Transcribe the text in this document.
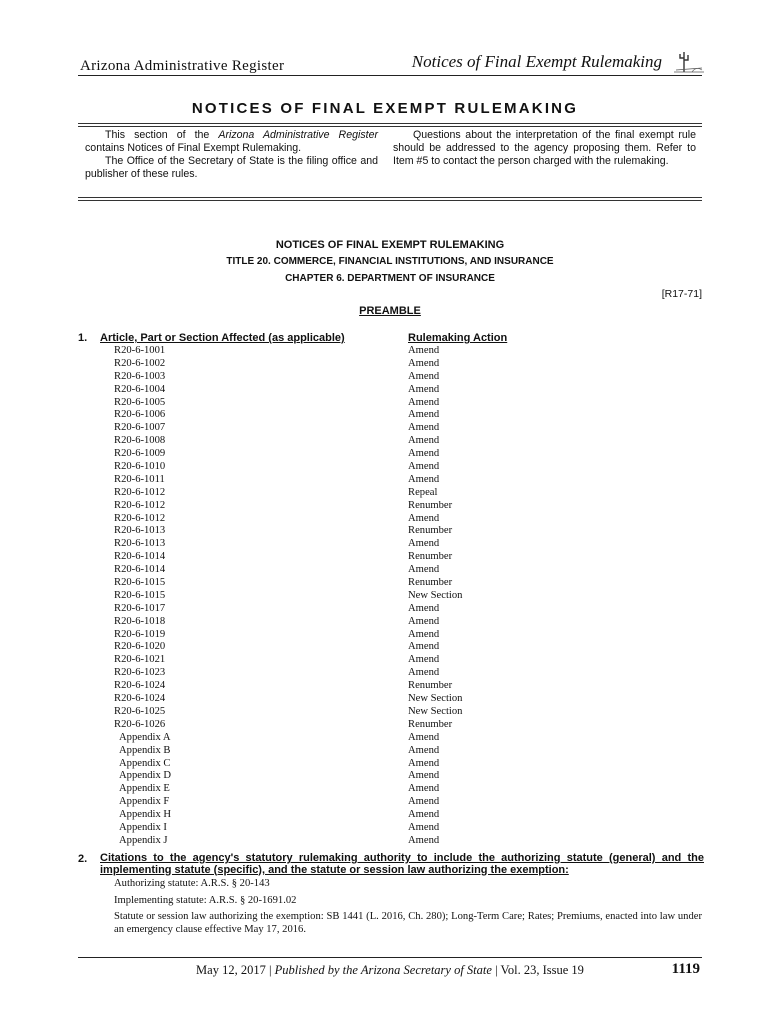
Arizona Administrative Register	Notices of Final Exempt Rulemaking
NOTICES OF FINAL EXEMPT RULEMAKING

This section of the Arizona Administrative Register contains Notices of Final Exempt Rulemaking.

The Office of the Secretary of State is the filing office and publisher of these rules.

Questions about the interpretation of the final exempt rule should be addressed to the agency proposing them. Refer to Item #5 to contact the person charged with the rulemaking.

NOTICES OF FINAL EXEMPT RULEMAKING
TITLE 20. COMMERCE, FINANCIAL INSTITUTIONS, AND INSURANCE
CHAPTER 6. DEPARTMENT OF INSURANCE
[R17-71]
PREAMBLE
1. Article, Part or Section Affected (as applicable)	Rulemaking Action
R20-6-1001	Amend
R20-6-1002	Amend
R20-6-1003	Amend
R20-6-1004	Amend
R20-6-1005	Amend
R20-6-1006	Amend
R20-6-1007	Amend
R20-6-1008	Amend
R20-6-1009	Amend
R20-6-1010	Amend
R20-6-1011	Amend
R20-6-1012	Repeal
R20-6-1012	Renumber
R20-6-1012	Amend
R20-6-1013	Renumber
R20-6-1013	Amend
R20-6-1014	Renumber
R20-6-1014	Amend
R20-6-1015	Renumber
R20-6-1015	New Section
R20-6-1017	Amend
R20-6-1018	Amend
R20-6-1019	Amend
R20-6-1020	Amend
R20-6-1021	Amend
R20-6-1023	Amend
R20-6-1024	Renumber
R20-6-1024	New Section
R20-6-1025	New Section
R20-6-1026	Renumber
Appendix A	Amend
Appendix B	Amend
Appendix C	Amend
Appendix D	Amend
Appendix E	Amend
Appendix F	Amend
Appendix H	Amend
Appendix I	Amend
Appendix J	Amend
2. Citations to the agency's statutory rulemaking authority to include the authorizing statute (general) and the implementing statute (specific), and the statute or session law authorizing the exemption:
Authorizing statute: A.R.S. § 20-143
Implementing statute: A.R.S. § 20-1691.02
Statute or session law authorizing the exemption: SB 1441 (L. 2016, Ch. 280); Long-Term Care; Rates; Premiums, enacted into law under an emergency clause effective May 17, 2016.
May 12, 2017 | Published by the Arizona Secretary of State | Vol. 23, Issue 19	1119
